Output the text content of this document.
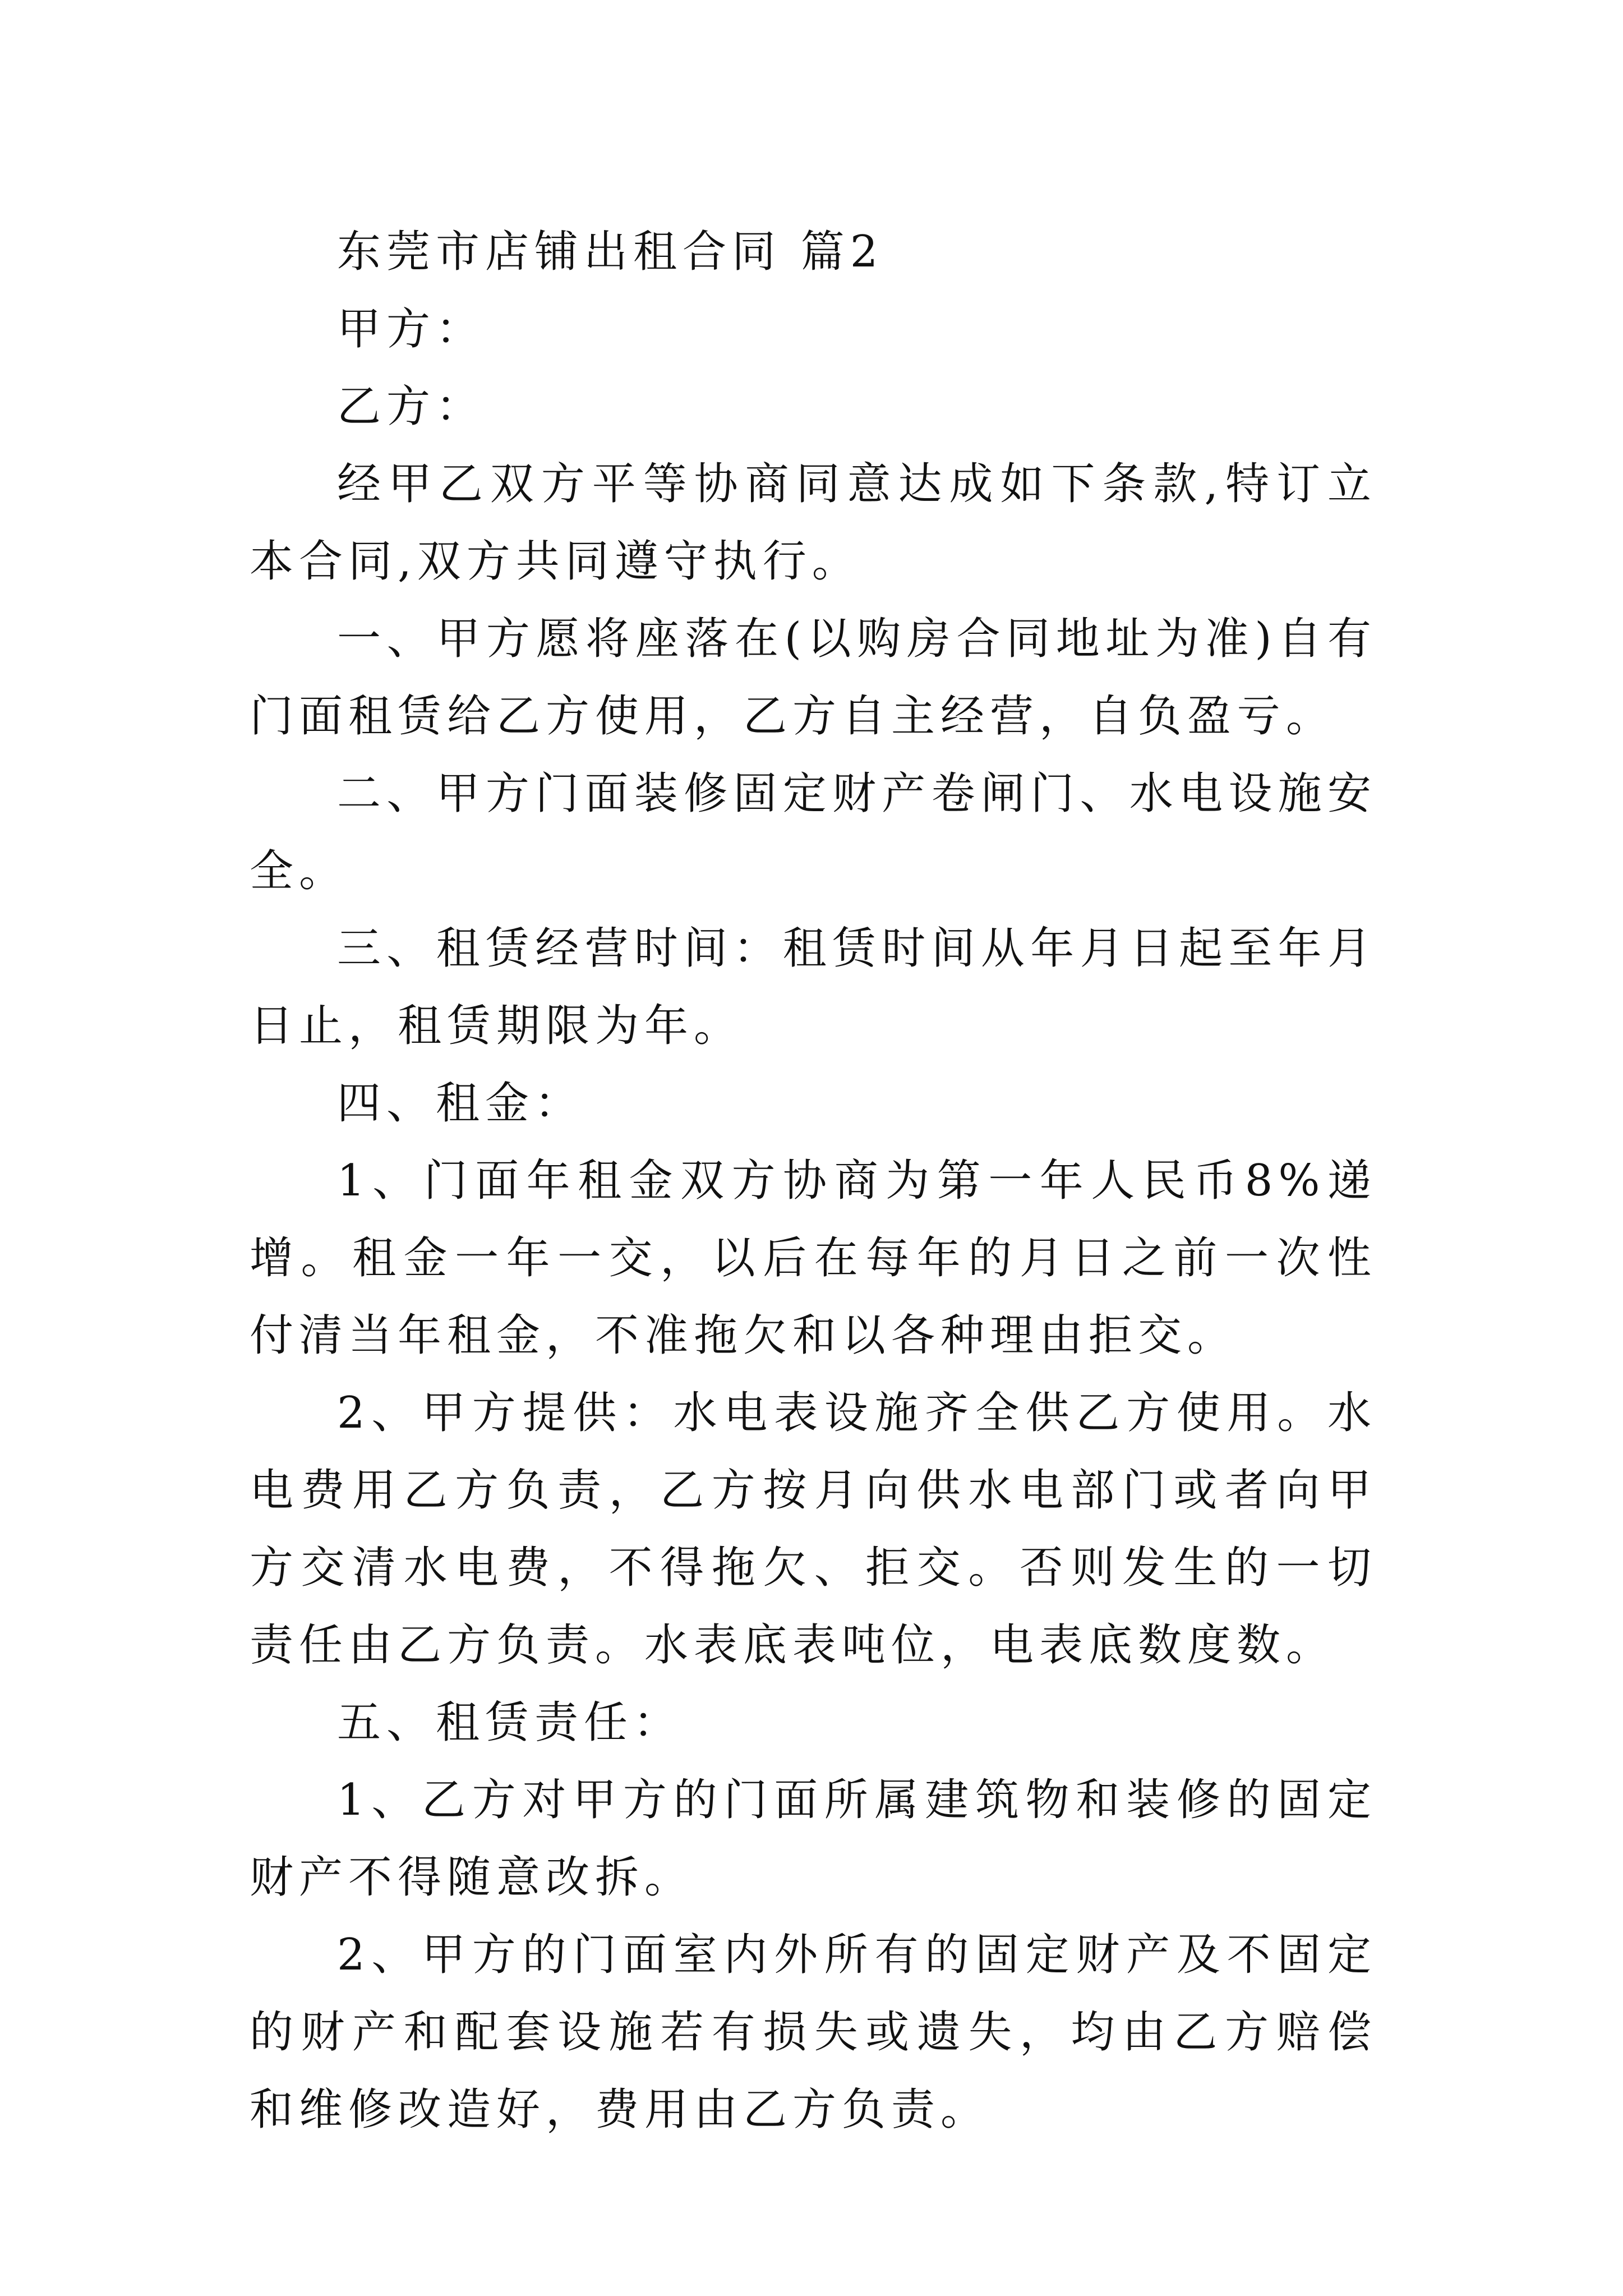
东莞市店铺出租合同 篇2

甲方：

乙方：

经甲乙双方平等协商同意达成如下条款,特订立本合同,双方共同遵守执行。

一、甲方愿将座落在(以购房合同地址为准)自有门面租赁给乙方使用，乙方自主经营，自负盈亏。

二、甲方门面装修固定财产卷闸门、水电设施安全。

三、租赁经营时间：租赁时间从年月日起至年月日止，租赁期限为年。

四、租金：

1、门面年租金双方协商为第一年人民币8%递增。租金一年一交，以后在每年的月日之前一次性付清当年租金，不准拖欠和以各种理由拒交。

2、甲方提供：水电表设施齐全供乙方使用。水电费用乙方负责，乙方按月向供水电部门或者向甲方交清水电费，不得拖欠、拒交。否则发生的一切责任由乙方负责。水表底表吨位，电表底数度数。

五、租赁责任：

1、乙方对甲方的门面所属建筑物和装修的固定财产不得随意改拆。

2、甲方的门面室内外所有的固定财产及不固定的财产和配套设施若有损失或遗失，均由乙方赔偿和维修改造好，费用由乙方负责。
